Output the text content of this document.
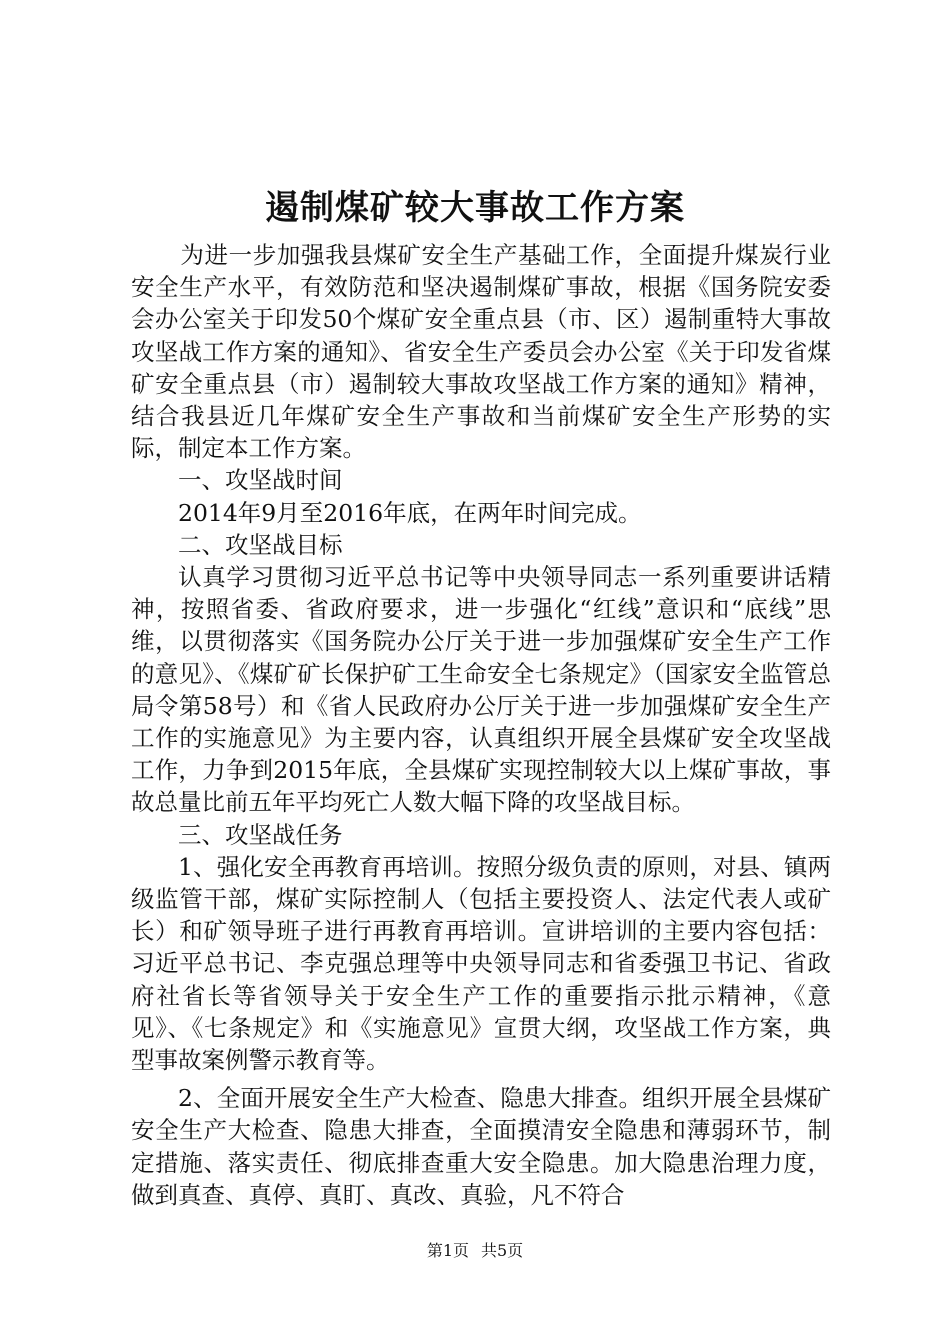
遏制煤矿较大事故工作方案

为进一步加强我县煤矿安全生产基础工作，全面提升煤炭行业安全生产水平，有效防范和坚决遏制煤矿事故，根据《国务院安委会办公室关于印发50个煤矿安全重点县（市、区）遏制重特大事故攻坚战工作方案的通知》、省安全生产委员会办公室《关于印发省煤矿安全重点县（市）遏制较大事故攻坚战工作方案的通知》精神，结合我县近几年煤矿安全生产事故和当前煤矿安全生产形势的实际，制定本工作方案。

一、攻坚战时间

2014年9月至2016年底，在两年时间完成。

二、攻坚战目标

认真学习贯彻习近平总书记等中央领导同志一系列重要讲话精神，按照省委、省政府要求，进一步强化“红线”意识和“底线”思维，以贯彻落实《国务院办公厅关于进一步加强煤矿安全生产工作的意见》、《煤矿矿长保护矿工生命安全七条规定》（国家安全监管总局令第58号）和《省人民政府办公厅关于进一步加强煤矿安全生产工作的实施意见》为主要内容，认真组织开展全县煤矿安全攻坚战工作，力争到2015年底，全县煤矿实现控制较大以上煤矿事故，事故总量比前五年平均死亡人数大幅下降的攻坚战目标。

三、攻坚战任务

1、强化安全再教育再培训。按照分级负责的原则，对县、镇两级监管干部，煤矿实际控制人（包括主要投资人、法定代表人或矿长）和矿领导班子进行再教育再培训。宣讲培训的主要内容包括：习近平总书记、李克强总理等中央领导同志和省委强卫书记、省政府社省长等省领导关于安全生产工作的重要指示批示精神，《意见》、《七条规定》和《实施意见》宣贯大纲，攻坚战工作方案，典型事故案例警示教育等。

2、全面开展安全生产大检查、隐患大排查。组织开展全县煤矿安全生产大检查、隐患大排查，全面摸清安全隐患和薄弱环节，制定措施、落实责任、彻底排查重大安全隐患。加大隐患治理力度，做到真查、真停、真盯、真改、真验，凡不符合

第1页 共5页
